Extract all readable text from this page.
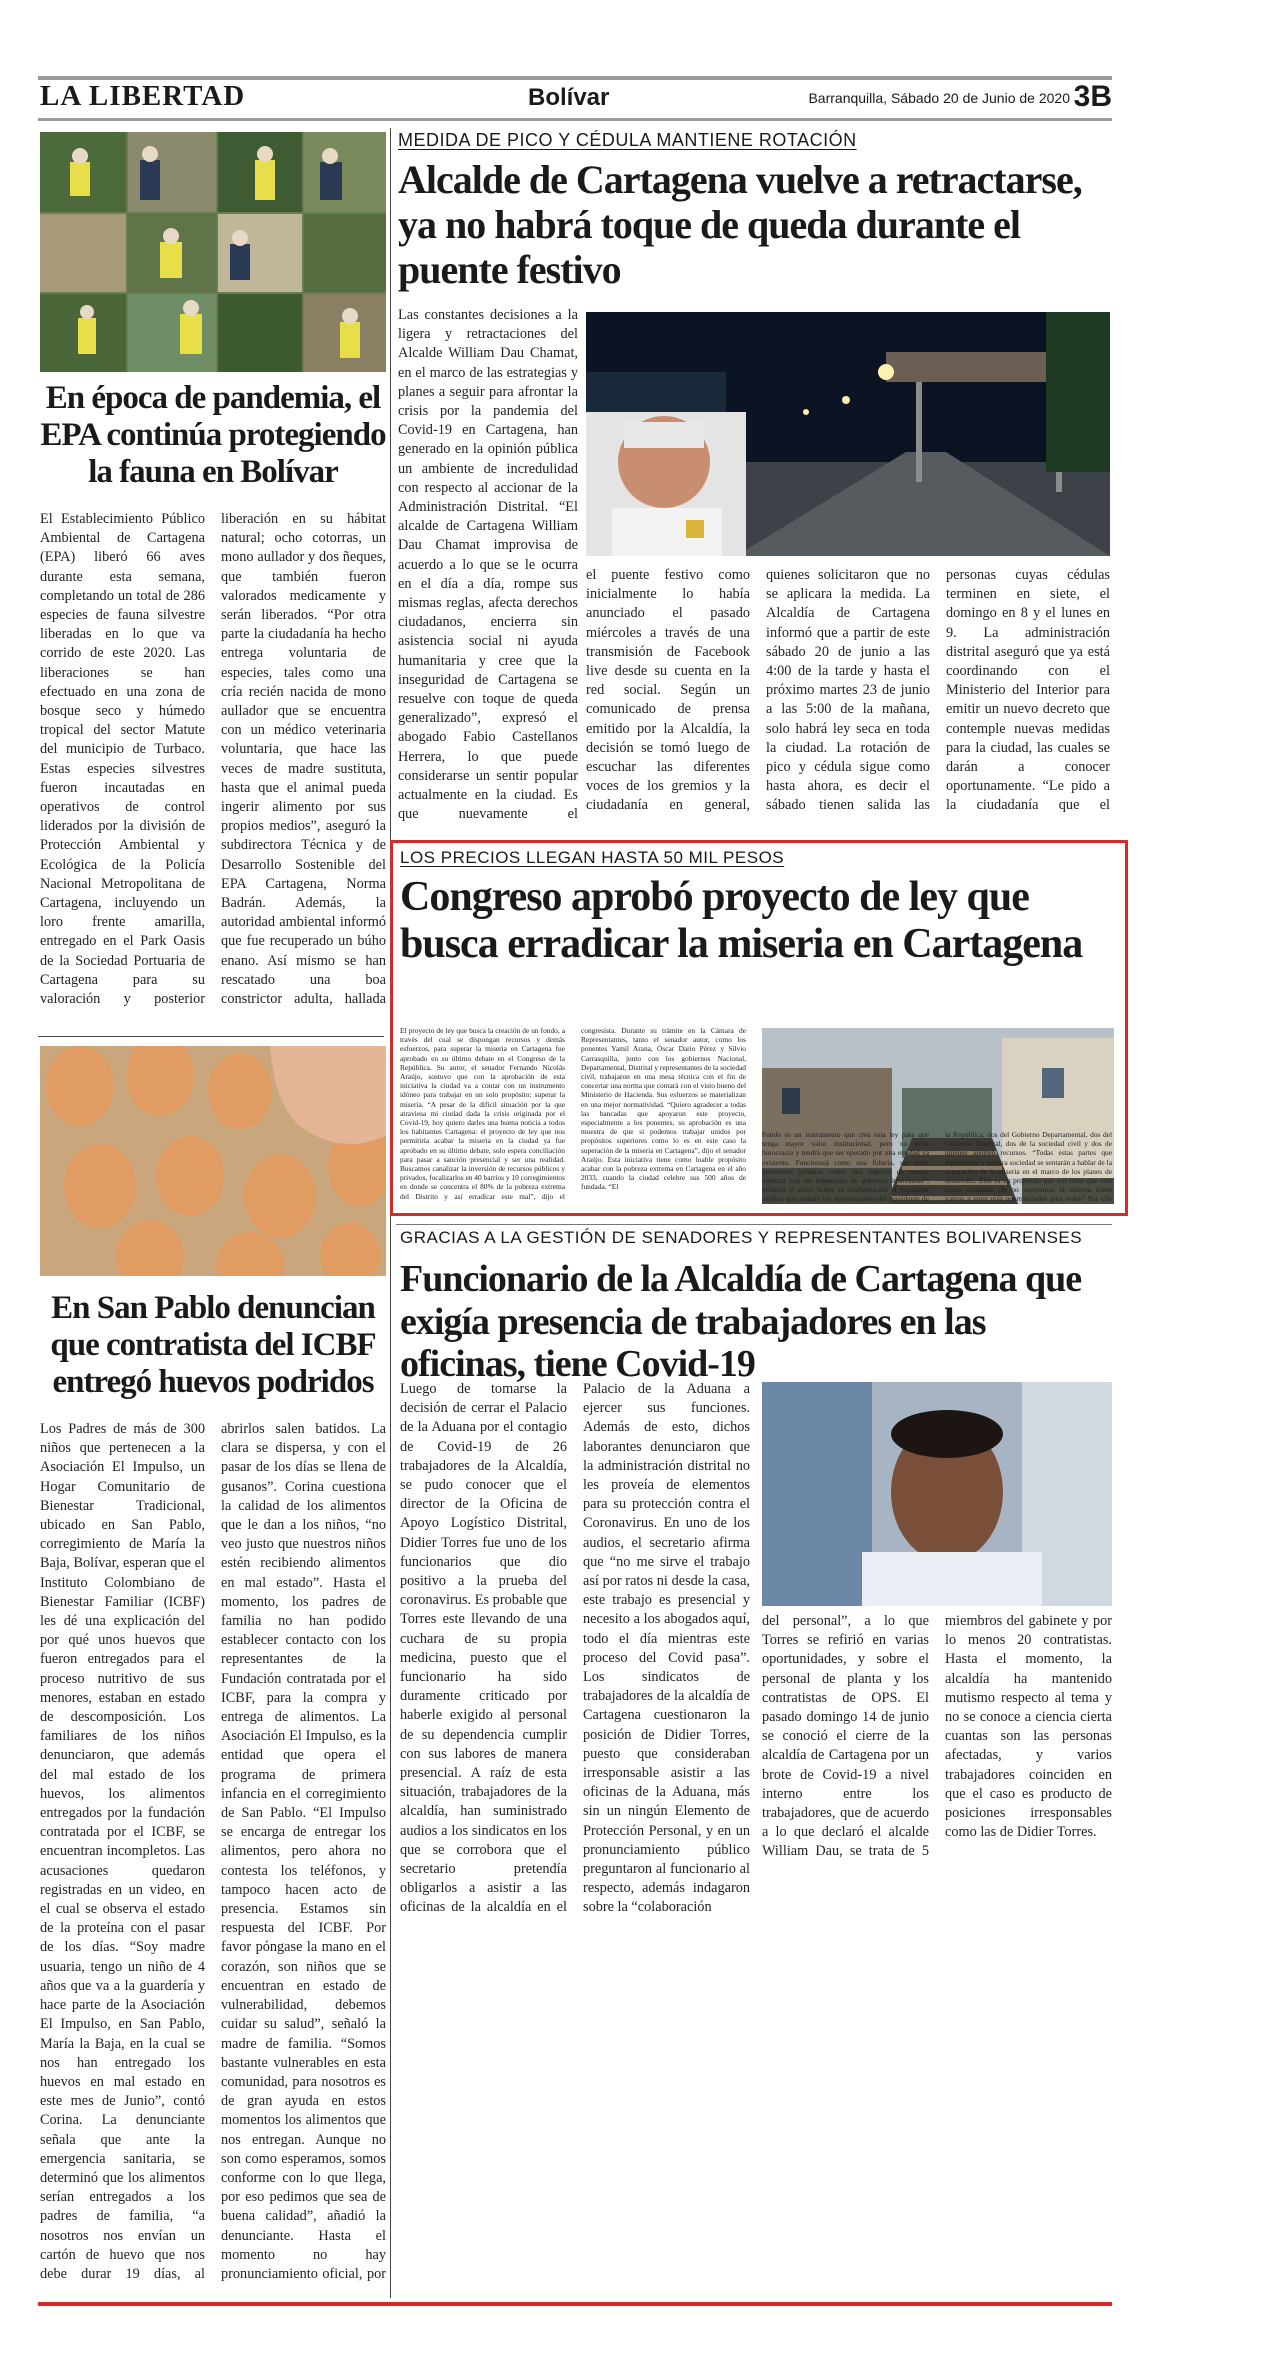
LA LIBERTAD	Bolívar	Barranquilla, Sábado 20 de Junio de 2020 3B
En época de pandemia, el EPA continúa protegiendo la fauna en Bolívar
El Establecimiento Público Ambiental de Cartagena (EPA) liberó 66 aves durante esta semana, completando un total de 286 especies de fauna silvestre liberadas en lo que va corrido de este 2020. Las liberaciones se han efectuado en una zona de bosque seco y húmedo tropical del sector Matute del municipio de Turbaco. Estas especies silvestres fueron incautadas en operativos de control liderados por la división de Protección Ambiental y Ecológica de la Policía Nacional Metropolitana de Cartagena, incluyendo un loro frente amarilla, entregado en el Park Oasis de la Sociedad Portuaria de Cartagena para su valoración y posterior liberación en su hábitat natural; ocho cotorras, un mono aullador y dos ñeques, que también fueron valorados medicamente y serán liberados. “Por otra parte la ciudadanía ha hecho entrega voluntaria de especies, tales como una cría recién nacida de mono aullador que se encuentra con un médico veterinaria voluntaria, que hace las veces de madre sustituta, hasta que el animal pueda ingerir alimento por sus propios medios”, aseguró la subdirectora Técnica y de Desarrollo Sostenible del EPA Cartagena, Norma Badrán. Además, la autoridad ambiental informó que fue recuperado un búho enano. Así mismo se han rescatado una boa constrictor adulta, hallada
MEDIDA DE PICO Y CÉDULA MANTIENE ROTACIÓN
Alcalde de Cartagena vuelve a retractarse, ya no habrá toque de queda durante el puente festivo
Las constantes decisiones a la ligera y retractaciones del Alcalde William Dau Chamat, en el marco de las estrategias y planes a seguir para afrontar la crisis por la pandemia del Covid-19 en Cartagena, han generado en la opinión pública un ambiente de incredulidad con respecto al accionar de la Administración Distrital. “El alcalde de Cartagena William Dau Chamat improvisa de acuerdo a lo que se le ocurra en el día a día, rompe sus mismas reglas, afecta derechos ciudadanos, encierra sin asistencia social ni ayuda humanitaria y cree que la inseguridad de Cartagena se resuelve con toque de queda generalizado”, expresó el abogado Fabio Castellanos Herrera, lo que puede considerarse un sentir popular actualmente en la ciudad. Es que nuevamente el
el puente festivo como inicialmente lo había anunciado el pasado miércoles a través de una transmisión de Facebook live desde su cuenta en la red social. Según un comunicado de prensa emitido por la Alcaldía, la decisión se tomó luego de escuchar las diferentes voces de los gremios y la ciudadanía en general, quienes solicitaron que no se aplicara la medida. La Alcaldía de Cartagena informó que a partir de este sábado 20 de junio a las 4:00 de la tarde y hasta el próximo martes 23 de junio a las 5:00 de la mañana, solo habrá ley seca en toda la ciudad. La rotación de pico y cédula sigue como hasta ahora, es decir el sábado tienen salida las personas cuyas cédulas terminen en siete, el domingo en 8 y el lunes en 9. La administración distrital aseguró que ya está coordinando con el Ministerio del Interior para emitir un nuevo decreto que contemple nuevas medidas para la ciudad, las cuales se darán a conocer oportunamente. “Le pido a la ciudadanía que el
LOS PRECIOS LLEGAN HASTA 50 MIL PESOS
Congreso aprobó proyecto de ley que busca erradicar la miseria en Cartagena
El proyecto de ley que busca la creación de un fondo, a través del cual se dispongan recursos y demás esfuerzos, para superar la miseria en Cartagena fue aprobado en su último debate en el Congreso de la República. Su autor, el senador Fernando Nicolás Araújo, sostuvo que con la aprobación de esta iniciativa la ciudad va a contar con un instrumento idóneo para trabajar en un solo propósito: superar la miseria. “A pesar de la difícil situación por la que atraviesa mi ciudad dada la crisis originada por el Covid-19, hoy quiero darles una buena noticia a todos los habitantes Cartagena: el proyecto de ley que nos permitiría acabar la miseria en la ciudad ya fue aprobado en su último debate, solo espera conciliación para pasar a sanción presencial y ser una realidad. Buscamos canalizar la inversión de recursos públicos y privados, focalizarlos en 40 barrios y 10 corregimientos en donde se concentra el 80% de la pobreza extrema del Distrito y así erradicar este mal”, dijo el congresista. Durante su trámite en la Cámara de Representantes, tanto el senador autor, como los ponentes Yamil Arana, Óscar Darío Pérez y Silvio Carrasquilla, junto con los gobiernos Nacional, Departamental, Distrital y representantes de la sociedad civil, trabajaron en una mesa técnica con el fin de concertar una norma que contará con el visto bueno del Ministerio de Hacienda. Sus esfuerzos se materializan en una mejor normatividad. “Quiero agradecer a todas las bancadas que apoyaron este proyecto, especialmente a los ponentes, su aprobación es una muestra de que si podemos trabajar unidos por propósitos superiores como lo es en este caso la superación de la miseria en Cartagena”, dijo el senador Araújo. Esta iniciativa tiene como loable propósito acabar con la pobreza extrema en Cartagena en el año 2033, cuando la ciudad celebre sus 500 años de fundada. “El
En San Pablo denuncian que contratista del ICBF entregó huevos podridos
Los Padres de más de 300 niños que pertenecen a la Asociación El Impulso, un Hogar Comunitario de Bienestar Tradicional, ubicado en San Pablo, corregimiento de María la Baja, Bolívar, esperan que el Instituto Colombiano de Bienestar Familiar (ICBF) les dé una explicación del por qué unos huevos que fueron entregados para el proceso nutritivo de sus menores, estaban en estado de descomposición. Los familiares de los niños denunciaron, que además del mal estado de los huevos, los alimentos entregados por la fundación contratada por el ICBF, se encuentran incompletos. Las acusaciones quedaron registradas en un video, en el cual se observa el estado de la proteína con el pasar de los días. “Soy madre usuaria, tengo un niño de 4 años que va a la guardería y hace parte de la Asociación El Impulso, en San Pablo, María la Baja, en la cual se nos han entregado los huevos en mal estado en este mes de Junio”, contó Corina. La denunciante señala que ante la emergencia sanitaria, se determinó que los alimentos serían entregados a los padres de familia, “a nosotros nos envían un cartón de huevo que nos debe durar 19 días, al abrirlos salen batidos. La clara se dispersa, y con el pasar de los días se llena de gusanos”. Corina cuestiona la calidad de los alimentos que le dan a los niños, “no veo justo que nuestros niños estén recibiendo alimentos en mal estado”. Hasta el momento, los padres de familia no han podido establecer contacto con los representantes de la Fundación contratada por el ICBF, para la compra y entrega de alimentos. La Asociación El Impulso, es la entidad que opera el programa de primera infancia en el corregimiento de San Pablo. “El Impulso se encarga de entregar los alimentos, pero ahora no contesta los teléfonos, y tampoco hacen acto de presencia. Estamos sin respuesta del ICBF. Por favor póngase la mano en el corazón, son niños que se encuentran en estado de vulnerabilidad, debemos cuidar su salud”, señaló la madre de familia. “Somos bastante vulnerables en esta comunidad, para nosotros es de gran ayuda en estos momentos los alimentos que nos entregan. Aunque no son como esperamos, somos conforme con lo que llega, por eso pedimos que sea de buena calidad”, añadió la denunciante. Hasta el momento no hay pronunciamiento oficial, por
GRACIAS A LA GESTIÓN DE SENADORES Y REPRESENTANTES BOLIVARENSES
Funcionario de la Alcaldía de Cartagena que exigía presencia de trabajadores en las oficinas, tiene Covid-19
Luego de tomarse la decisión de cerrar el Palacio de la Aduana por el contagio de Covid-19 de 26 trabajadores de la Alcaldía, se pudo conocer que el director de la Oficina de Apoyo Logístico Distrital, Didier Torres fue uno de los funcionarios que dio positivo a la prueba del coronavirus. Es probable que Torres este llevando de una cuchara de su propia medicina, puesto que el funcionario ha sido duramente criticado por haberle exigido al personal de su dependencia cumplir con sus labores de manera presencial. A raíz de esta situación, trabajadores de la alcaldía, han suministrado audios a los sindicatos en los que se corrobora que el secretario pretendía obligarlos a asistir a las oficinas de la alcaldía en el Palacio de la Aduana a ejercer sus funciones. Además de esto, dichos laborantes denunciaron que la administración distrital no les proveía de elementos para su protección contra el Coronavirus. En uno de los audios, el secretario afirma que “no me sirve el trabajo así por ratos ni desde la casa, este trabajo es presencial y necesito a los abogados aquí, todo el día mientras este proceso del Covid pasa”. Los sindicatos de trabajadores de la alcaldía de Cartagena cuestionaron la posición de Didier Torres, puesto que consideraban irresponsable asistir a las oficinas de la Aduana, más sin un ningún Elemento de Protección Personal, y en un pronunciamiento público preguntaron al funcionario al respecto, además indagaron sobre la “colaboración
del personal”, a lo que Torres se refirió en varias oportunidades, y sobre el personal de planta y los contratistas de OPS. El pasado domingo 14 de junio se conoció el cierre de la alcaldía de Cartagena por un brote de Covid-19 a nivel interno entre los trabajadores, que de acuerdo a lo que declaró el alcalde William Dau, se trata de 5 miembros del gabinete y por lo menos 20 contratistas. Hasta el momento, la alcaldía ha mantenido mutismo respecto al tema y no se conoce a ciencia cierta cuantas son las personas afectadas, y varios trabajadores coinciden en que el caso es producto de posiciones irresponsables como las de Didier Torres.
Fondo es un instrumento que crea esta ley para que tenga mayor valor institucional, pero no tiene burocracia y tendrá que ser operado por una entidad ya existente. Funcionará como una fiducia, sin tener personería jurídica, como una especie de cuenta especial con un organismo de gobierno interesante”, enfatizó el autor. Sobre su conformación el legislador explicó que estarán los representantes del presidente de la República, dos del Gobierno Departamental, dos del Gobierno Distrital, dos de la sociedad civil y dos de quienes aporten recursos. “Todas estas partes que representan a nuestra sociedad se sentarán a hablar de la superación de la miseria en el marco de los planes de desarrollo. Este es un propósito que nos tiene que unir como sociedad. ¡Si no superamos la miseria cómo vamos a tener más oportunidades para todos? Por ello
